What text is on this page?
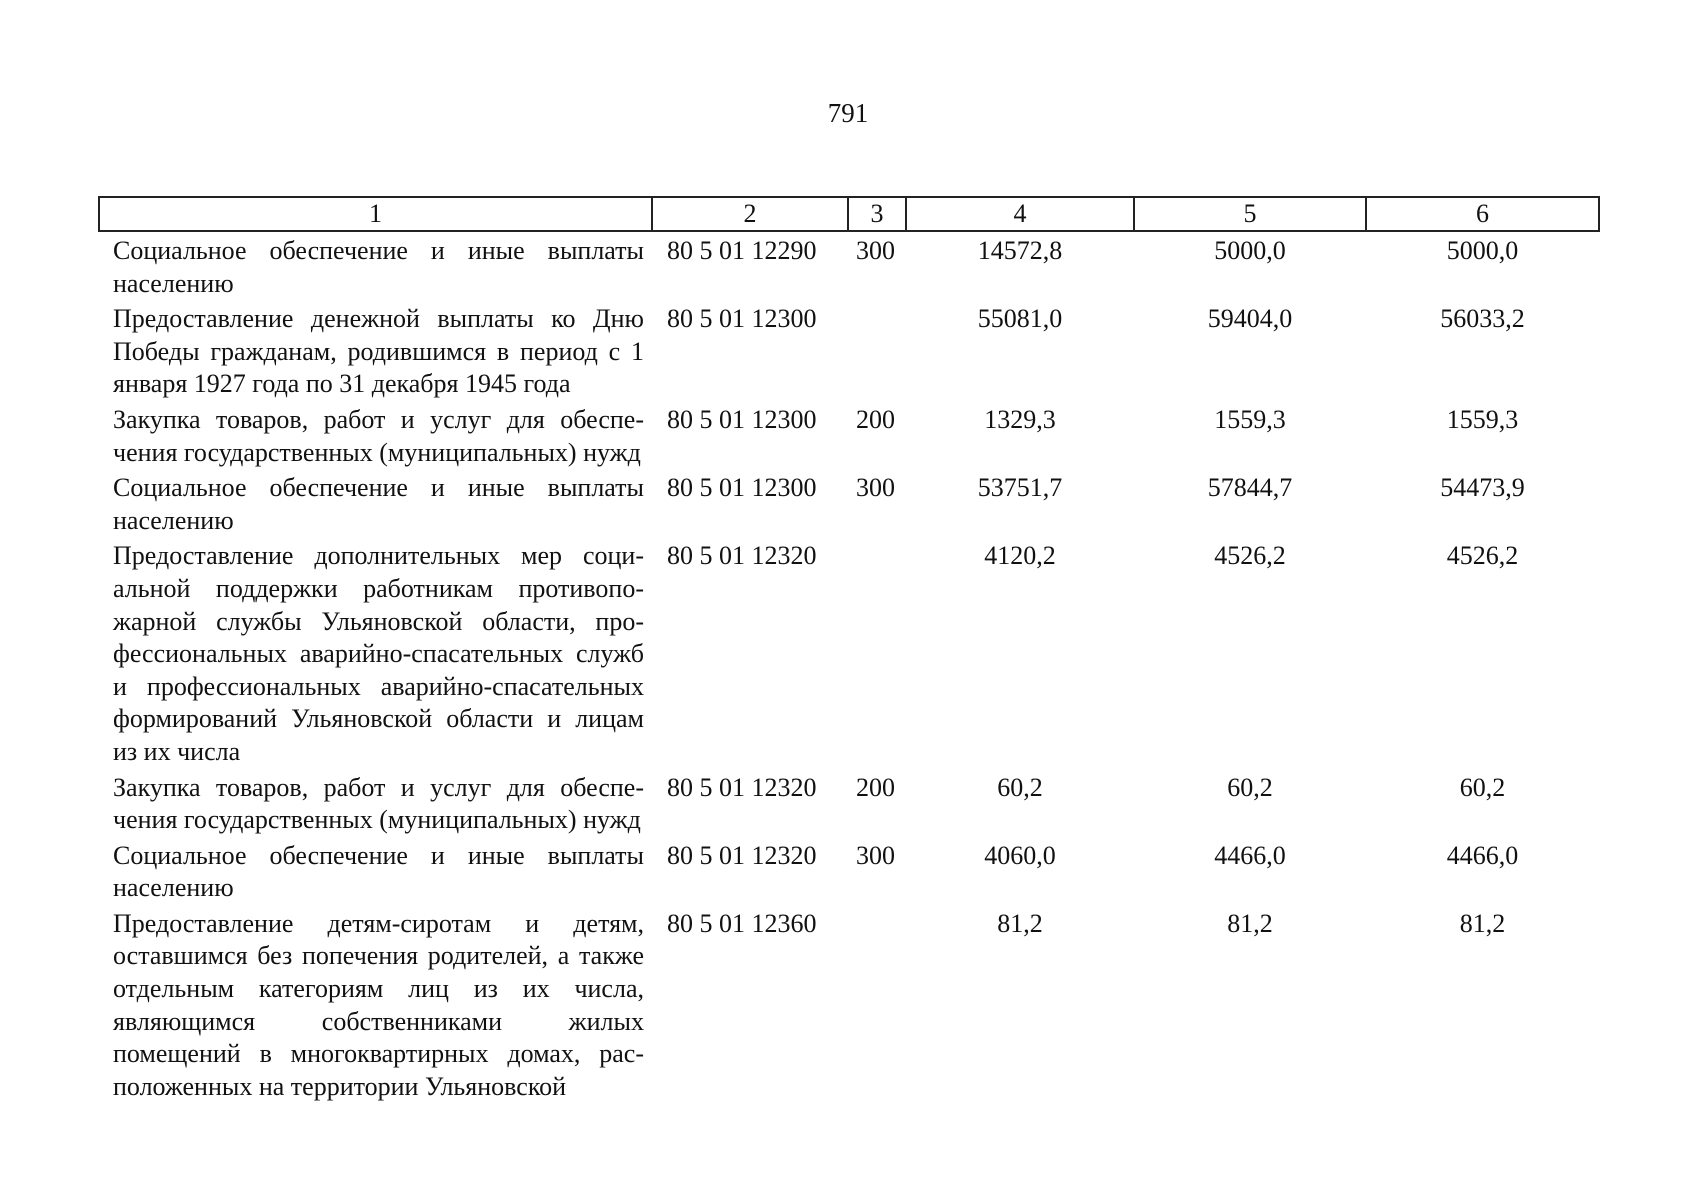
791
1	2	3	4	5	6
Социальное обеспечение и иные выплаты населению	80 5 01 12290	300	14572,8	5000,0	5000,0
Предоставление денежной выплаты ко Дню Победы гражданам, родившимся в период с 1 января 1927 года по 31 декабря 1945 года	80 5 01 12300		55081,0	59404,0	56033,2
Закупка товаров, работ и услуг для обеспечения государственных (муниципальных) нужд	80 5 01 12300	200	1329,3	1559,3	1559,3
Социальное обеспечение и иные выплаты населению	80 5 01 12300	300	53751,7	57844,7	54473,9
Предоставление дополнительных мер социальной поддержки работникам противопожарной службы Ульяновской области, профессиональных аварийно-спасательных служб и профессиональных аварийно-спасательных формирований Ульяновской области и лицам из их числа	80 5 01 12320		4120,2	4526,2	4526,2
Закупка товаров, работ и услуг для обеспечения государственных (муниципальных) нужд	80 5 01 12320	200	60,2	60,2	60,2
Социальное обеспечение и иные выплаты населению	80 5 01 12320	300	4060,0	4466,0	4466,0
Предоставление детям-сиротам и детям, оставшимся без попечения родителей, а также отдельным категориям лиц из их числа, являющимся собственниками жилых помещений в многоквартирных домах, расположенных на территории Ульяновской	80 5 01 12360		81,2	81,2	81,2
